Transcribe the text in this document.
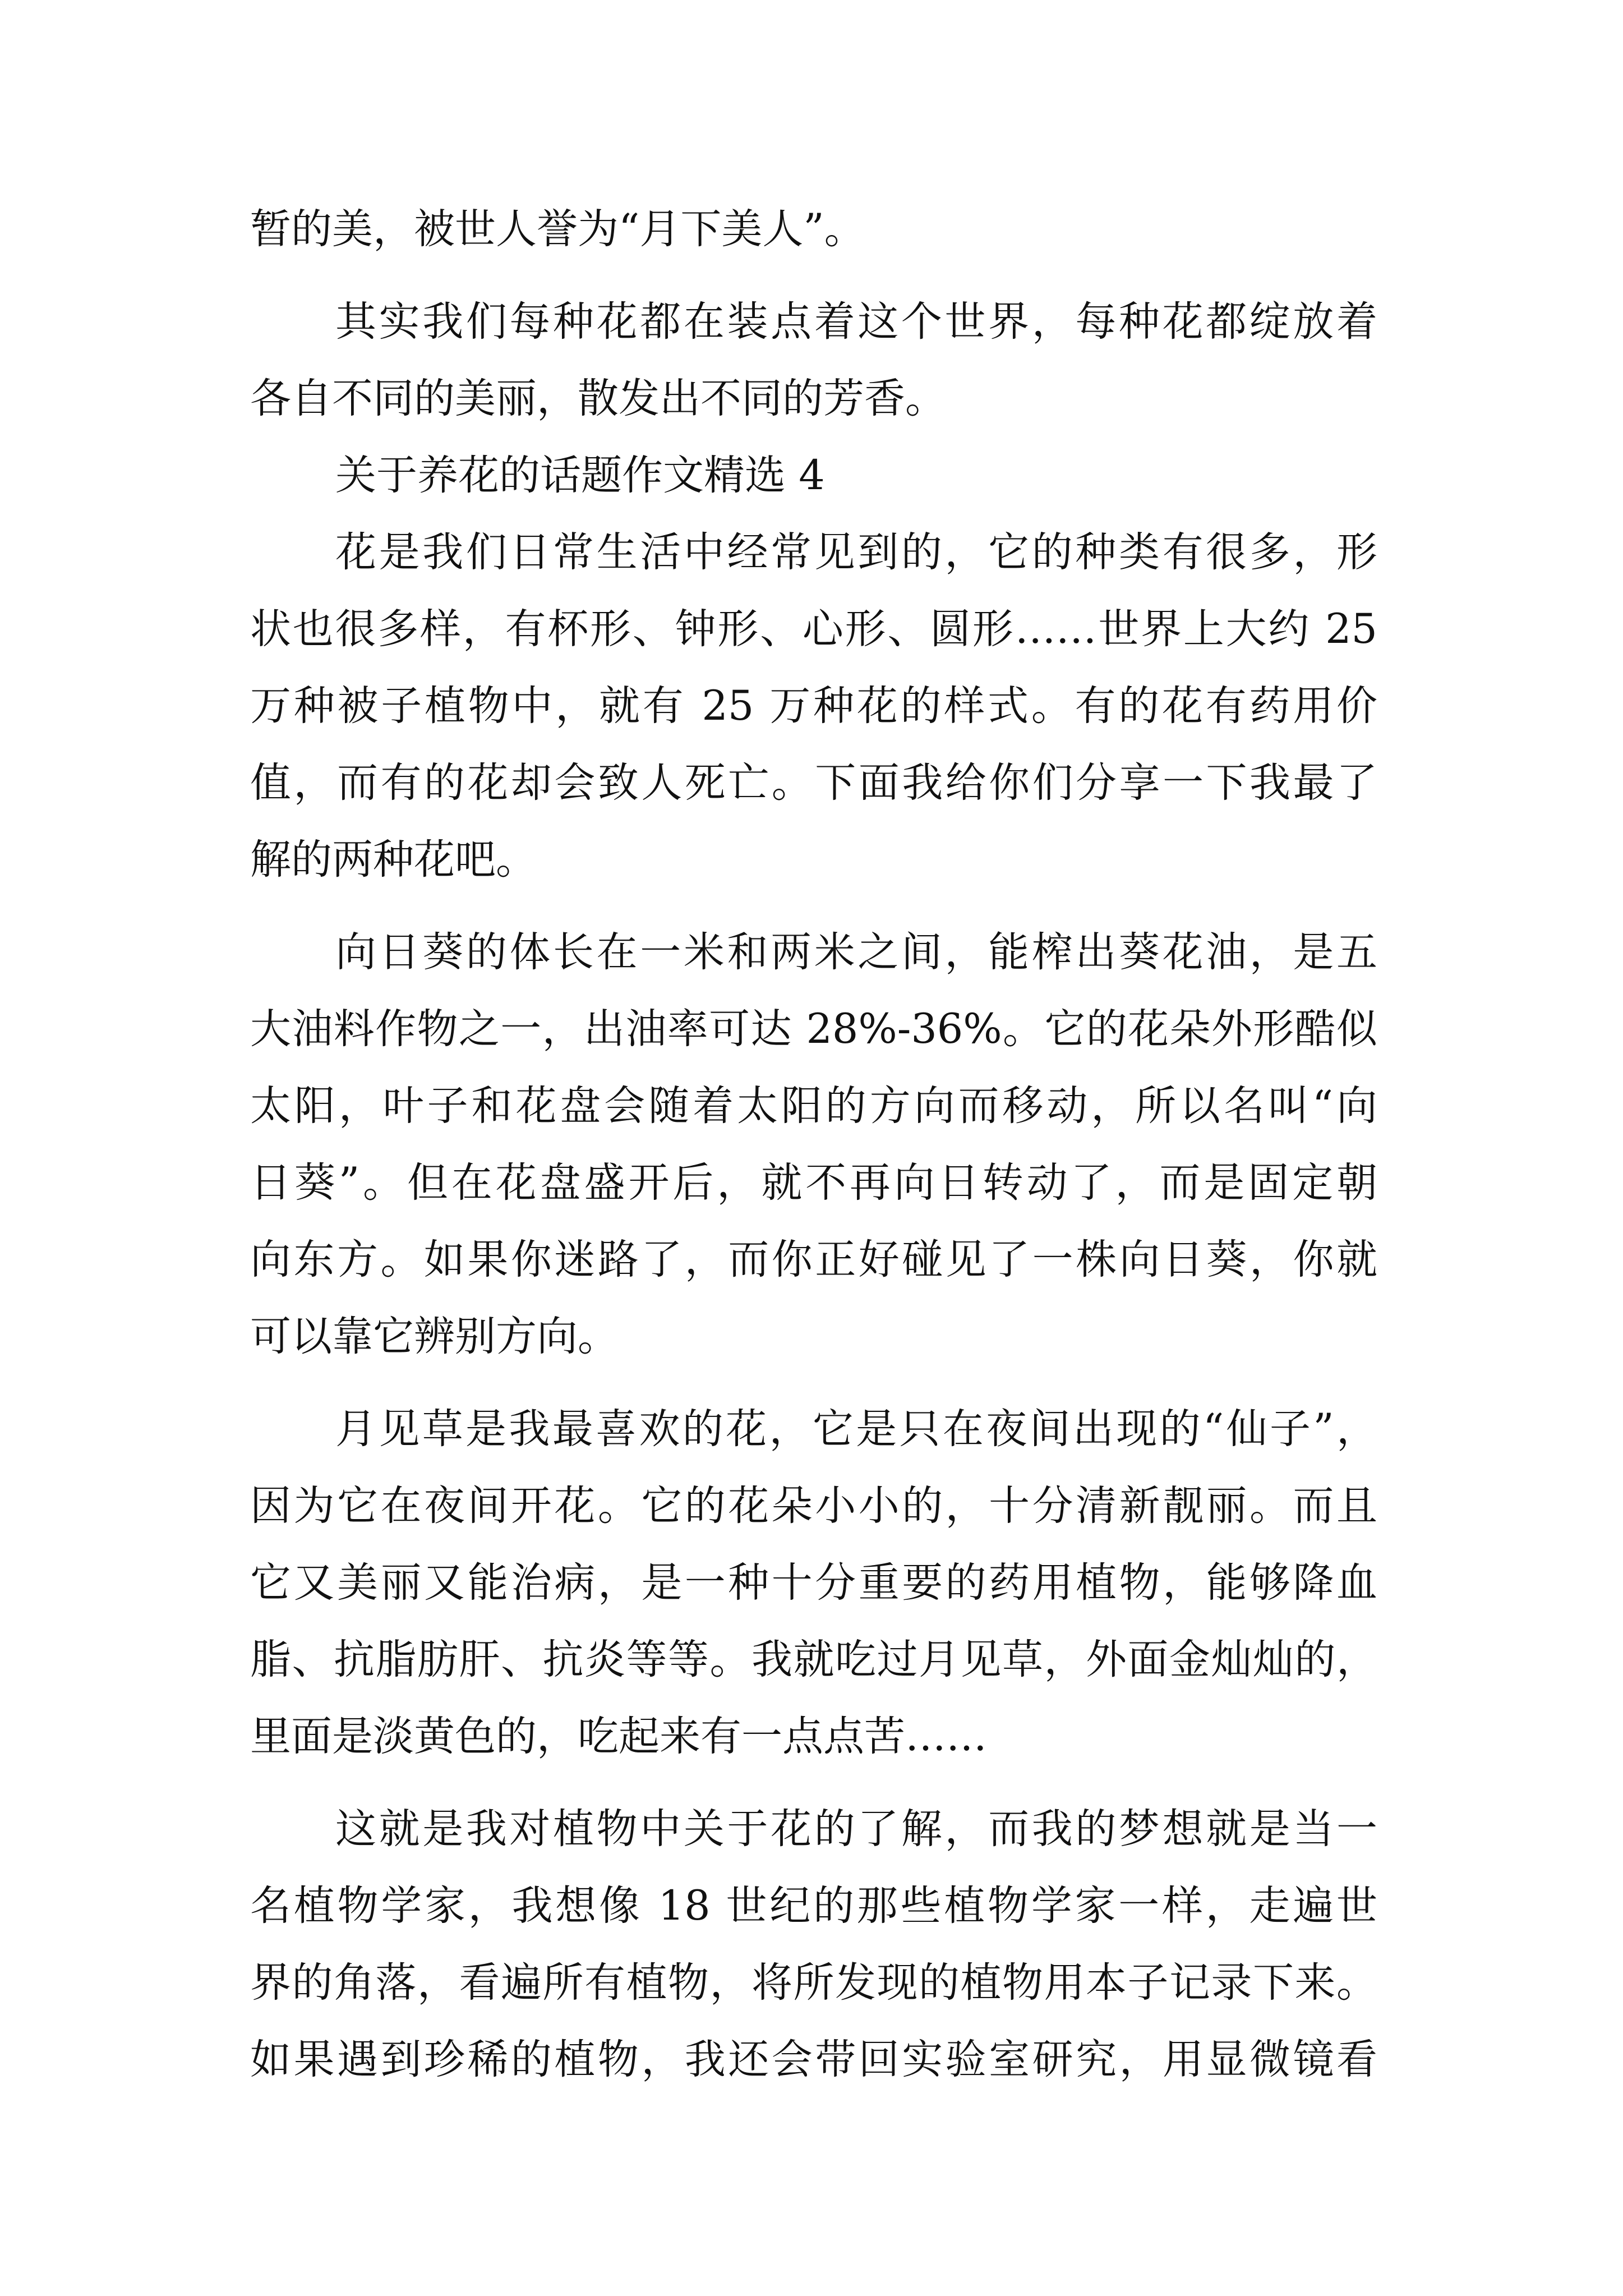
暂的美，被世人誉为“月下美人”。
其实我们每种花都在装点着这个世界，每种花都绽放着
各自不同的美丽，散发出不同的芳香。
关于养花的话题作文精选 4
花是我们日常生活中经常见到的，它的种类有很多，形
状也很多样，有杯形、钟形、心形、圆形……世界上大约 25
万种被子植物中，就有 25 万种花的样式。有的花有药用价
值，而有的花却会致人死亡。下面我给你们分享一下我最了
解的两种花吧。
向日葵的体长在一米和两米之间，能榨出葵花油，是五
大油料作物之一，出油率可达 28%-36%。它的花朵外形酷似
太阳，叶子和花盘会随着太阳的方向而移动，所以名叫“向
日葵”。但在花盘盛开后，就不再向日转动了，而是固定朝
向东方。如果你迷路了，而你正好碰见了一株向日葵，你就
可以靠它辨别方向。
月见草是我最喜欢的花，它是只在夜间出现的“仙子”，
因为它在夜间开花。它的花朵小小的，十分清新靓丽。而且
它又美丽又能治病，是一种十分重要的药用植物，能够降血
脂、抗脂肪肝、抗炎等等。我就吃过月见草，外面金灿灿的，
里面是淡黄色的，吃起来有一点点苦……
这就是我对植物中关于花的了解，而我的梦想就是当一
名植物学家，我想像 18 世纪的那些植物学家一样，走遍世
界的角落，看遍所有植物，将所发现的植物用本子记录下来。
如果遇到珍稀的植物，我还会带回实验室研究，用显微镜看
